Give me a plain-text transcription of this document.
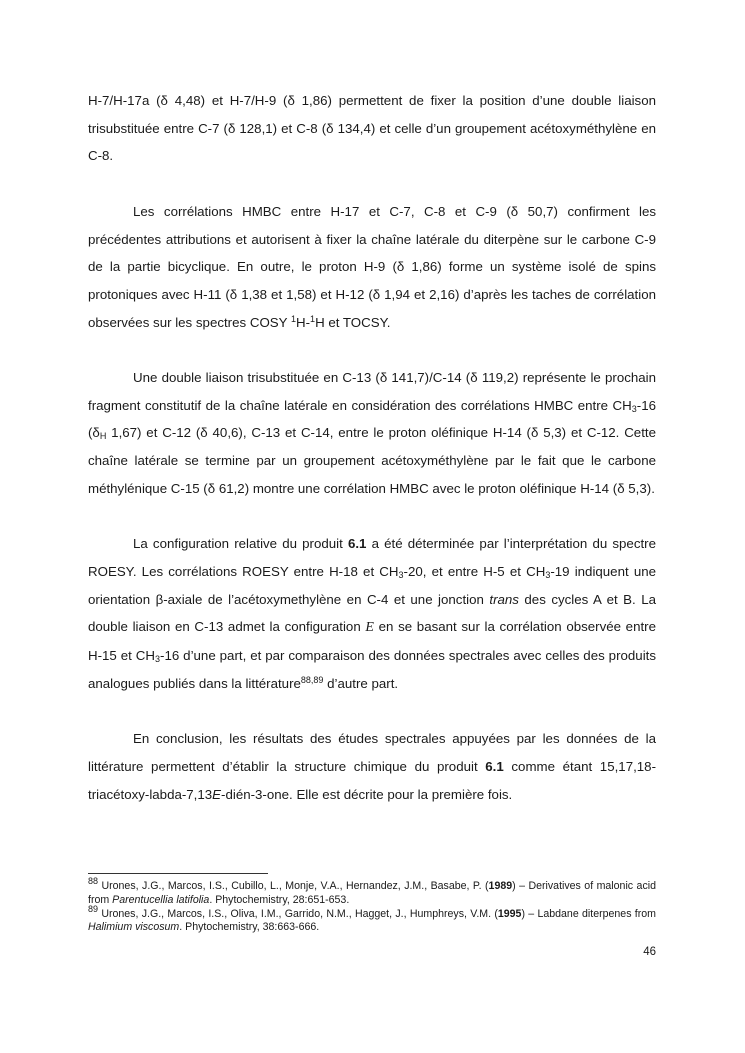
H-7/H-17a (δ 4,48) et H-7/H-9 (δ 1,86) permettent de fixer la position d’une double liaison trisubstituée entre C-7 (δ 128,1) et C-8 (δ 134,4) et celle d’un groupement acétoxyméthylène en C-8.

Les corrélations HMBC entre H-17 et C-7, C-8 et C-9 (δ 50,7) confirment les précédentes attributions et autorisent à fixer la chaîne latérale du diterpène sur le carbone C-9 de la partie bicyclique. En outre, le proton H-9 (δ 1,86) forme un système isolé de spins protoniques avec H-11 (δ 1,38 et 1,58) et H-12 (δ 1,94 et 2,16) d’après les taches de corrélation observées sur les spectres COSY $^1$H-$^1$H et TOCSY.

Une double liaison trisubstituée en C-13 (δ 141,7)/C-14 (δ 119,2) représente le prochain fragment constitutif de la chaîne latérale en considération des corrélations HMBC entre $CH_3-16$ ($\delta_H$ 1,67) et C-12 (δ 40,6), C-13 et C-14, entre le proton oléfinique H-14 (δ 5,3) et C-12. Cette chaîne latérale se termine par un groupement acétoxyméthylène par le fait que le carbone méthylénique C-15 (δ 61,2) montre une corrélation HMBC avec le proton oléfinique H-14 (δ 5,3).

La configuration relative du produit 6.1 a été déterminée par l’interprétation du spectre ROESY. Les corrélations ROESY entre H-18 et $CH_3-20$, et entre H-5 et $CH_3-19$ indiquent une orientation β-axiale de l’acétoxymethylène en C-4 et une jonction trans des cycles A et B. La double liaison en C-13 admet la configuration E en se basant sur la corrélation observée entre H-15 et $CH_3-16$ d’une part, et par comparaison des données spectrales avec celles des produits analogues publiés dans la littérature$^{88,89}$ d’autre part.

En conclusion, les résultats des études spectrales appuyées par les données de la littérature permettent d’établir la structure chimique du produit 6.1 comme étant 15,17,18-triacétoxy-labda-7,13E-dién-3-one. Elle est décrite pour la première fois.

$^{88}$ Urones, J.G., Marcos, I.S., Cubillo, L., Monje, V.A., Hernandez, J.M., Basabe, P. (1989) – Derivatives of malonic acid from Parentucellia latifolia. Phytochemistry, 28:651-653.

$^{89}$ Urones, J.G., Marcos, I.S., Oliva, I.M., Garrido, N.M., Hagget, J., Humphreys, V.M. (1995) – Labdane diterpenes from Halimium viscosum. Phytochemistry, 38:663-666.

46
